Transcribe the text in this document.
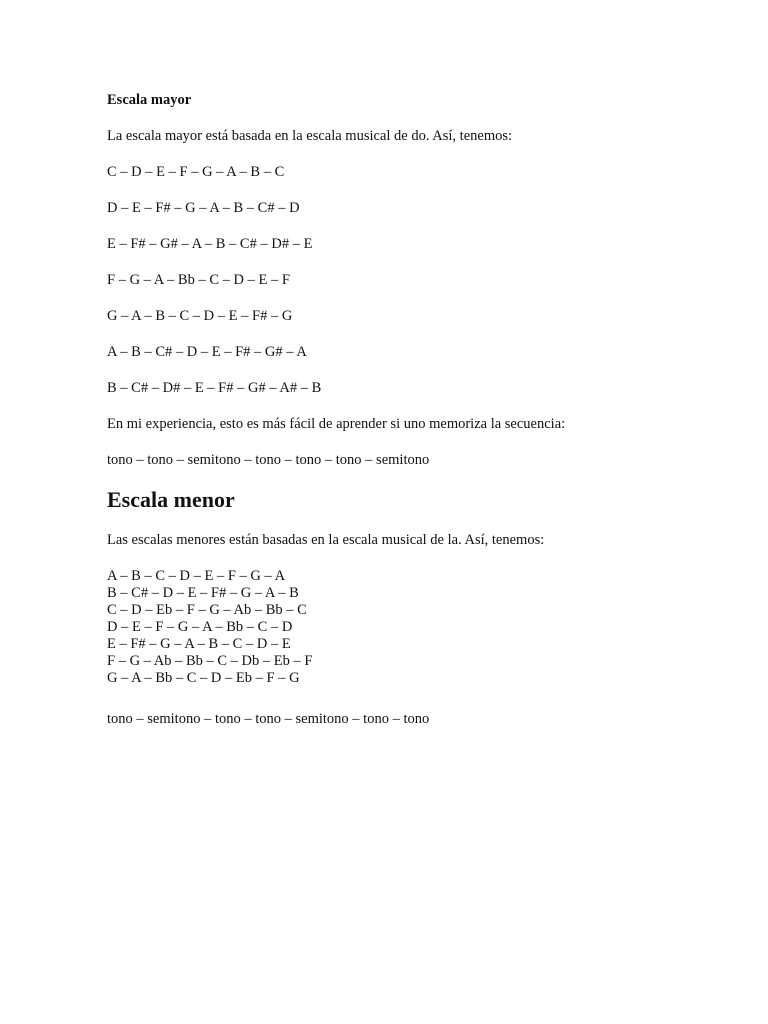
Escala mayor

La escala mayor está basada en la escala musical de do. Así, tenemos:

C – D – E – F – G – A – B – C

D – E – F# – G – A – B – C# – D

E – F# – G# – A – B – C# – D# – E

F – G – A – Bb – C – D – E – F

G – A – B – C – D – E – F# – G

A – B – C# – D – E – F# – G# – A

B – C# – D# – E – F# – G# – A# – B

En mi experiencia, esto es más fácil de aprender si uno memoriza la secuencia:

tono – tono – semitono – tono – tono – tono – semitono

Escala menor

Las escalas menores están basadas en la escala musical de la. Así, tenemos:

A – B – C – D – E – F – G – A

B – C# – D – E – F# – G – A – B

C – D – Eb – F – G – Ab – Bb – C

D – E – F – G – A – Bb – C – D

E – F# – G – A – B – C – D – E

F – G – Ab – Bb – C – Db – Eb – F

G – A – Bb – C – D – Eb – F – G

tono – semitono – tono – tono – semitono – tono – tono
